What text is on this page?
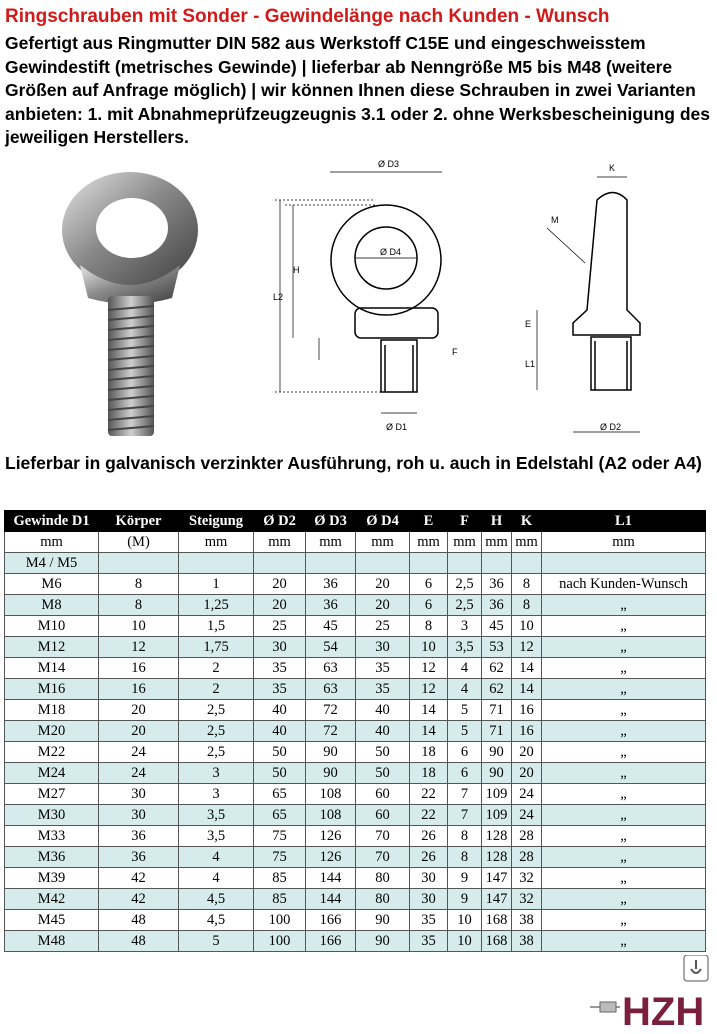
Ringschrauben mit Sonder - Gewindelänge nach Kunden - Wunsch
Gefertigt aus Ringmutter DIN 582 aus Werkstoff C15E und eingeschweisstem Gewindestift (metrisches Gewinde) | lieferbar ab Nenngröße M5 bis M48 (weitere Größen auf Anfrage möglich) | wir können Ihnen diese Schrauben in zwei Varianten anbieten: 1. mit Abnahmeprüfzeugzeugnis 3.1 oder 2. ohne Werksbescheinigung des jeweiligen Herstellers.
Ø D3
Ø D4
H
L2
F
Ø D1
K
M
E
L1
Ø D2
Lieferbar in galvanisch verzinkter Ausführung, roh u. auch in Edelstahl (A2 oder A4)
Gewinde D1	Körper	Steigung	Ø D2	Ø D3	Ø D4	E	F	H	K	L1
mm	(M)	mm	mm	mm	mm	mm	mm	mm	mm	mm
M4 / M5										
M6	8	1	20	36	20	6	2,5	36	8	nach Kunden-Wunsch
M8	8	1,25	20	36	20	6	2,5	36	8	„
M10	10	1,5	25	45	25	8	3	45	10	„
M12	12	1,75	30	54	30	10	3,5	53	12	„
M14	16	2	35	63	35	12	4	62	14	„
M16	16	2	35	63	35	12	4	62	14	„
M18	20	2,5	40	72	40	14	5	71	16	„
M20	20	2,5	40	72	40	14	5	71	16	„
M22	24	2,5	50	90	50	18	6	90	20	„
M24	24	3	50	90	50	18	6	90	20	„
M27	30	3	65	108	60	22	7	109	24	„
M30	30	3,5	65	108	60	22	7	109	24	„
M33	36	3,5	75	126	70	26	8	128	28	„
M36	36	4	75	126	70	26	8	128	28	„
M39	42	4	85	144	80	30	9	147	32	„
M42	42	4,5	85	144	80	30	9	147	32	„
M45	48	4,5	100	166	90	35	10	168	38	„
M48	48	5	100	166	90	35	10	168	38	„
HZH
